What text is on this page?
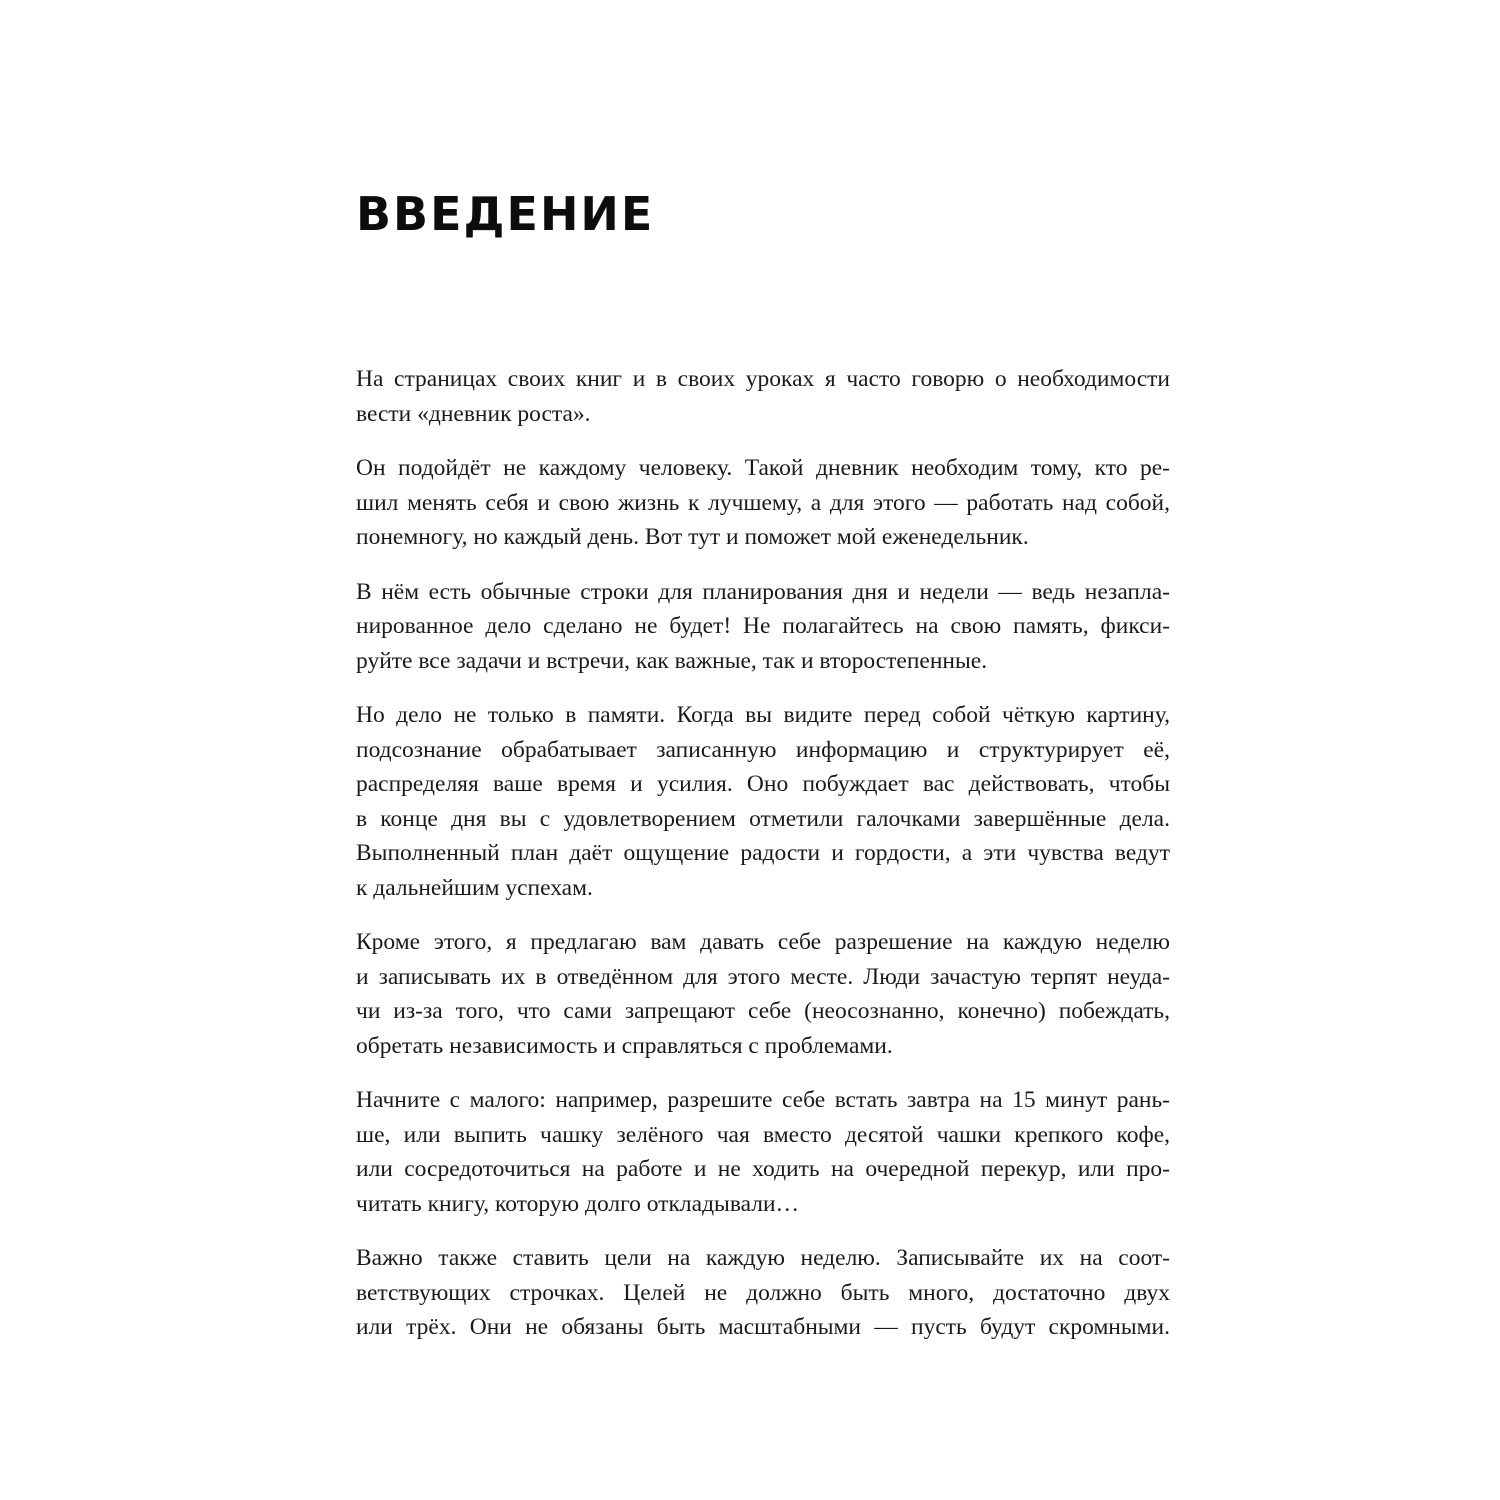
ВВЕДЕНИЕ

На страницах своих книг и в своих уроках я часто говорю о необходимости
вести «дневник роста».

Он подойдёт не каждому человеку. Такой дневник необходим тому, кто ре-
шил менять себя и свою жизнь к лучшему, а для этого — работать над собой,
понемногу, но каждый день. Вот тут и поможет мой еженедельник.

В нём есть обычные строки для планирования дня и недели — ведь незапла-
нированное дело сделано не будет! Не полагайтесь на свою память, фикси-
руйте все задачи и встречи, как важные, так и второстепенные.

Но дело не только в памяти. Когда вы видите перед собой чёткую картину,
подсознание обрабатывает записанную информацию и структурирует её,
распределяя ваше время и усилия. Оно побуждает вас действовать, чтобы
в конце дня вы с удовлетворением отметили галочками завершённые дела.
Выполненный план даёт ощущение радости и гордости, а эти чувства ведут
к дальнейшим успехам.

Кроме этого, я предлагаю вам давать себе разрешение на каждую неделю
и записывать их в отведённом для этого месте. Люди зачастую терпят неуда-
чи из-за того, что сами запрещают себе (неосознанно, конечно) побеждать,
обретать независимость и справляться с проблемами.

Начните с малого: например, разрешите себе встать завтра на 15 минут рань-
ше, или выпить чашку зелёного чая вместо десятой чашки крепкого кофе,
или сосредоточиться на работе и не ходить на очередной перекур, или про-
читать книгу, которую долго откладывали…

Важно также ставить цели на каждую неделю. Записывайте их на соот-
ветствующих строчках. Целей не должно быть много, достаточно двух
или трёх. Они не обязаны быть масштабными — пусть будут скромными.
